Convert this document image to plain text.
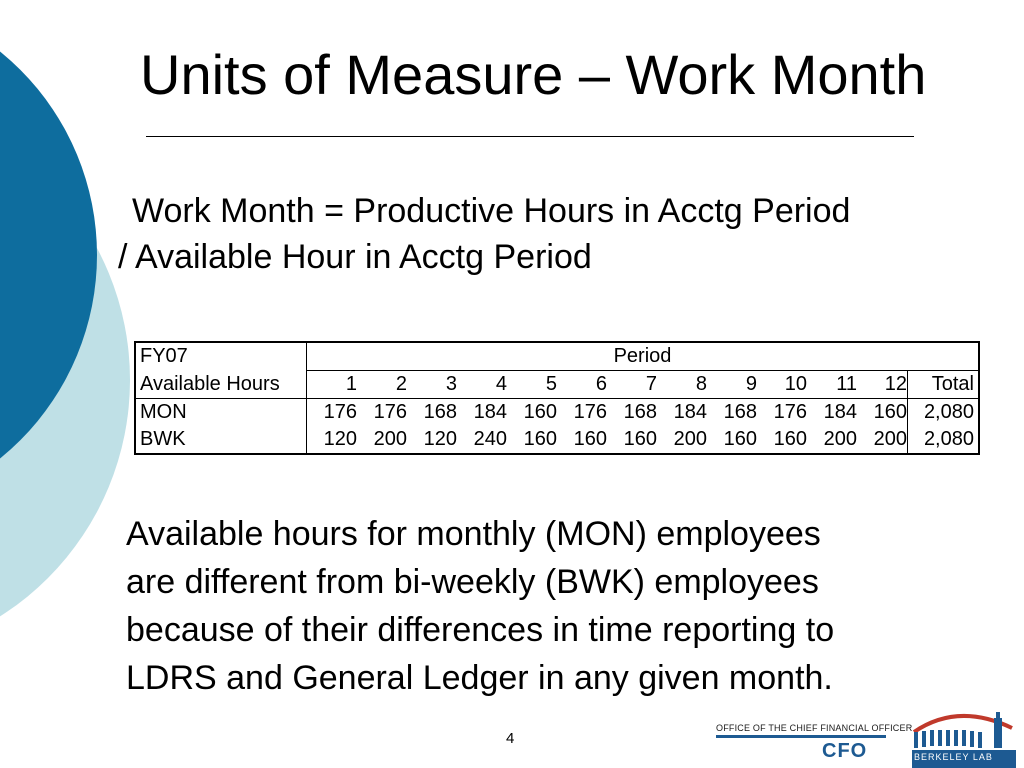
Units of Measure – Work Month
Work Month = Productive Hours in Acctg Period
/ Available Hour in Acctg Period
FY07	Period												
Available Hours	1	2	3	4	5	6	7	8	9	10	11	12	Total
MON	176	176	168	184	160	176	168	184	168	176	184	160	2,080
BWK	120	200	120	240	160	160	160	200	160	160	200	200	2,080
Available hours for monthly (MON) employees
are different from bi-weekly (BWK) employees
because of their differences in time reporting to
LDRS and General Ledger in any given month.
4
OFFICE OF THE CHIEF FINANCIAL OFFICER
CFO	BERKELEY LAB
